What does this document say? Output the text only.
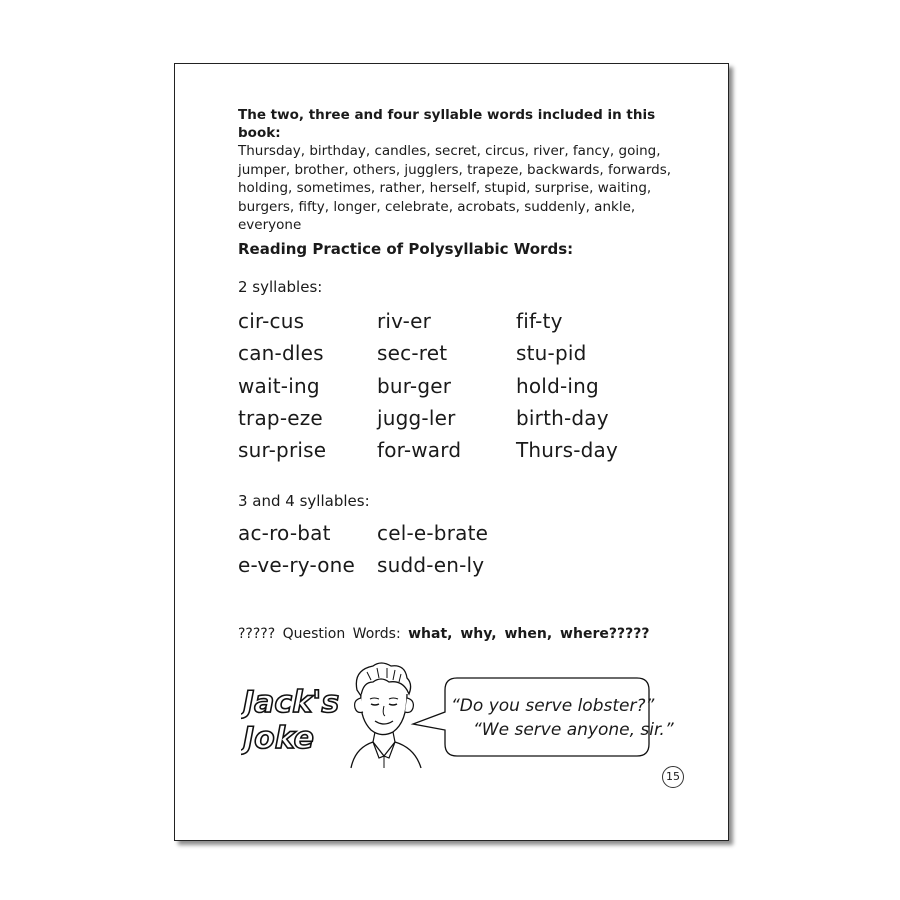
The two, three and four syllable words included in this book:
Thursday, birthday, candles, secret, circus, river, fancy, going,
jumper, brother, others, jugglers, trapeze, backwards, forwards,
holding, sometimes, rather, herself, stupid, surprise, waiting,
burgers, fifty, longer, celebrate, acrobats, suddenly, ankle,
everyone
Reading Practice of Polysyllabic Words:
2 syllables:
cir-cus	riv-er	fif-ty
can-dles	sec-ret	stu-pid
wait-ing	bur-ger	hold-ing
trap-eze	jugg-ler	birth-day
sur-prise	for-ward	Thurs-day
3 and 4 syllables:
ac-ro-bat cel-e-brate
e-ve-ry-one sudd-en-ly
????? Question Words: what, why, when, where?????
Jack's
Joke
“Do you serve lobster?”
“We serve anyone, sir.”
15
